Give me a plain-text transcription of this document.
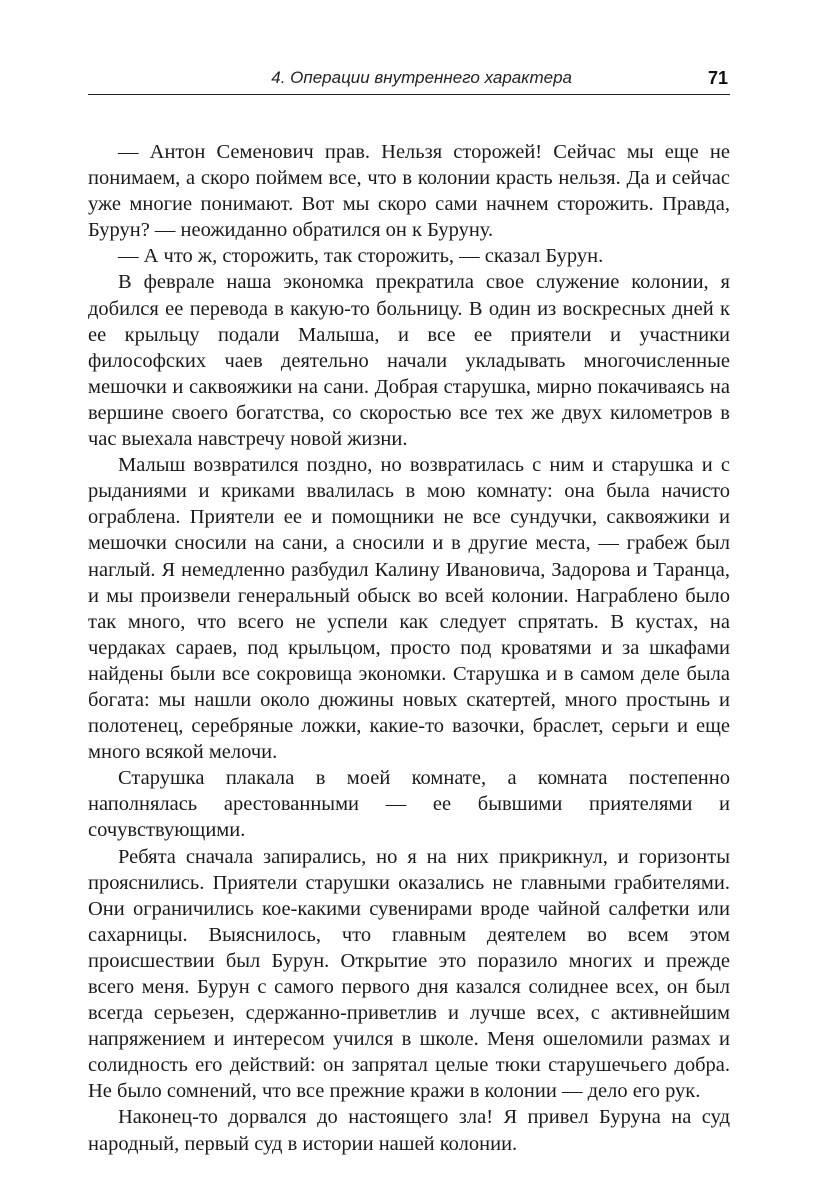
4. Операции внутреннего характера	71

— Антон Семенович прав. Нельзя сторожей! Сейчас мы еще не понимаем, а скоро поймем все, что в колонии красть нельзя. Да и сейчас уже многие понимают. Вот мы скоро сами начнем сторожить. Правда, Бурун? — неожиданно обратился он к Буруну.

— А что ж, сторожить, так сторожить, — сказал Бурун.

В феврале наша экономка прекратила свое служение колонии, я добился ее перевода в какую-то больницу. В один из воскресных дней к ее крыльцу подали Малыша, и все ее приятели и участники философских чаев деятельно начали укладывать многочисленные мешочки и саквояжики на сани. Добрая старушка, мирно покачиваясь на вершине своего богатства, со скоростью все тех же двух километров в час выехала навстречу новой жизни.

Малыш возвратился поздно, но возвратилась с ним и старушка и с рыданиями и криками ввалилась в мою комнату: она была начисто ограблена. Приятели ее и помощники не все сундучки, саквояжики и мешочки сносили на сани, а сносили и в другие места, — грабеж был наглый. Я немедленно разбудил Калину Ивановича, Задорова и Таранца, и мы произвели генеральный обыск во всей колонии. Награблено было так много, что всего не успели как следует спрятать. В кустах, на чердаках сараев, под крыльцом, просто под кроватями и за шкафами найдены были все сокровища экономки. Старушка и в самом деле была богата: мы нашли около дюжины новых скатертей, много простынь и полотенец, серебряные ложки, какие-то вазочки, браслет, серьги и еще много всякой мелочи.

Старушка плакала в моей комнате, а комната постепенно наполнялась арестованными — ее бывшими приятелями и сочувствующими.

Ребята сначала запирались, но я на них прикрикнул, и горизонты прояснились. Приятели старушки оказались не главными грабителями. Они ограничились кое-какими сувенирами вроде чайной салфетки или сахарницы. Выяснилось, что главным деятелем во всем этом происшествии был Бурун. Открытие это поразило многих и прежде всего меня. Бурун с самого первого дня казался солиднее всех, он был всегда серьезен, сдержанно-приветлив и лучше всех, с активнейшим напряжением и интересом учился в школе. Меня ошеломили размах и солидность его действий: он запрятал целые тюки старушечьего добра. Не было сомнений, что все прежние кражи в колонии — дело его рук.

Наконец-то дорвался до настоящего зла! Я привел Буруна на суд народный, первый суд в истории нашей колонии.
